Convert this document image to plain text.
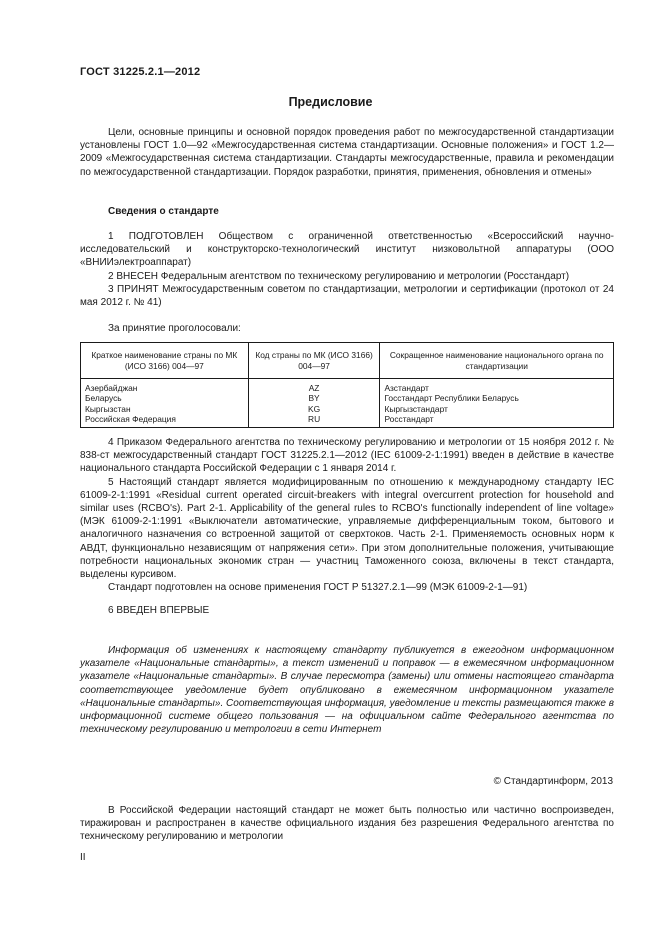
ГОСТ 31225.2.1—2012
Предисловие

Цели, основные принципы и основной порядок проведения работ по межгосударственной стандартизации установлены ГОСТ 1.0—92 «Межгосударственная система стандартизации. Основные положения» и ГОСТ 1.2—2009 «Межгосударственная система стандартизации. Стандарты межгосударственные, правила и рекомендации по межгосударственной стандартизации. Порядок разработки, принятия, применения, обновления и отмены»

Сведения о стандарте

1 ПОДГОТОВЛЕН Обществом с ограниченной ответственностью «Всероссийский научно-исследовательский и конструкторско-технологический институт низковольтной аппаратуры (ООО «ВНИИэлектроаппарат)

2 ВНЕСЕН Федеральным агентством по техническому регулированию и метрологии (Росстандарт)

3 ПРИНЯТ Межгосударственным советом по стандартизации, метрологии и сертификации (протокол от 24 мая 2012 г. № 41)

За принятие проголосовали:
Краткое наименование страны по МК (ИСО 3166) 004—97	Код страны по МК (ИСО 3166) 004—97	Сокращенное наименование национального органа по стандартизации
Азербайджан	AZ	Азстандарт
Беларусь	BY	Госстандарт Республики Беларусь
Кыргызстан	KG	Кыргызстандарт
Российская Федерация	RU	Росстандарт

4 Приказом Федерального агентства по техническому регулированию и метрологии от 15 ноября 2012 г. № 838-ст межгосударственный стандарт ГОСТ 31225.2.1—2012 (IEC 61009-2-1:1991) введен в действие в качестве национального стандарта Российской Федерации с 1 января 2014 г.

5 Настоящий стандарт является модифицированным по отношению к международному стандарту IEC 61009-2-1:1991 «Residual current operated circuit-breakers with integral overcurrent protection for household and similar uses (RCBO's). Part 2-1. Applicability of the general rules to RCBO's functionally independent of line voltage» (МЭК 61009-2-1:1991 «Выключатели автоматические, управляемые дифференциальным током, бытового и аналогичного назначения со встроенной защитой от сверхтоков. Часть 2-1. Применяемость основных норм к АВДТ, функционально независящим от напряжения сети». При этом дополнительные положения, учитывающие потребности национальных экономик стран — участниц Таможенного союза, включены в текст стандарта, выделены курсивом.

Стандарт подготовлен на основе применения ГОСТ Р 51327.2.1—99 (МЭК 61009-2-1—91)

6 ВВЕДЕН ВПЕРВЫЕ

Информация об изменениях к настоящему стандарту публикуется в ежегодном информационном указателе «Национальные стандарты», а текст изменений и поправок — в ежемесячном информационном указателе «Национальные стандарты». В случае пересмотра (замены) или отмены настоящего стандарта соответствующее уведомление будет опубликовано в ежемесячном информационном указателе «Национальные стандарты». Соответствующая информация, уведомление и тексты размещаются также в информационной системе общего пользования — на официальном сайте Федерального агентства по техническому регулированию и метрологии в сети Интернет

© Стандартинформ, 2013

В Российской Федерации настоящий стандарт не может быть полностью или частично воспроизведен, тиражирован и распространен в качестве официального издания без разрешения Федерального агентства по техническому регулированию и метрологии

II
